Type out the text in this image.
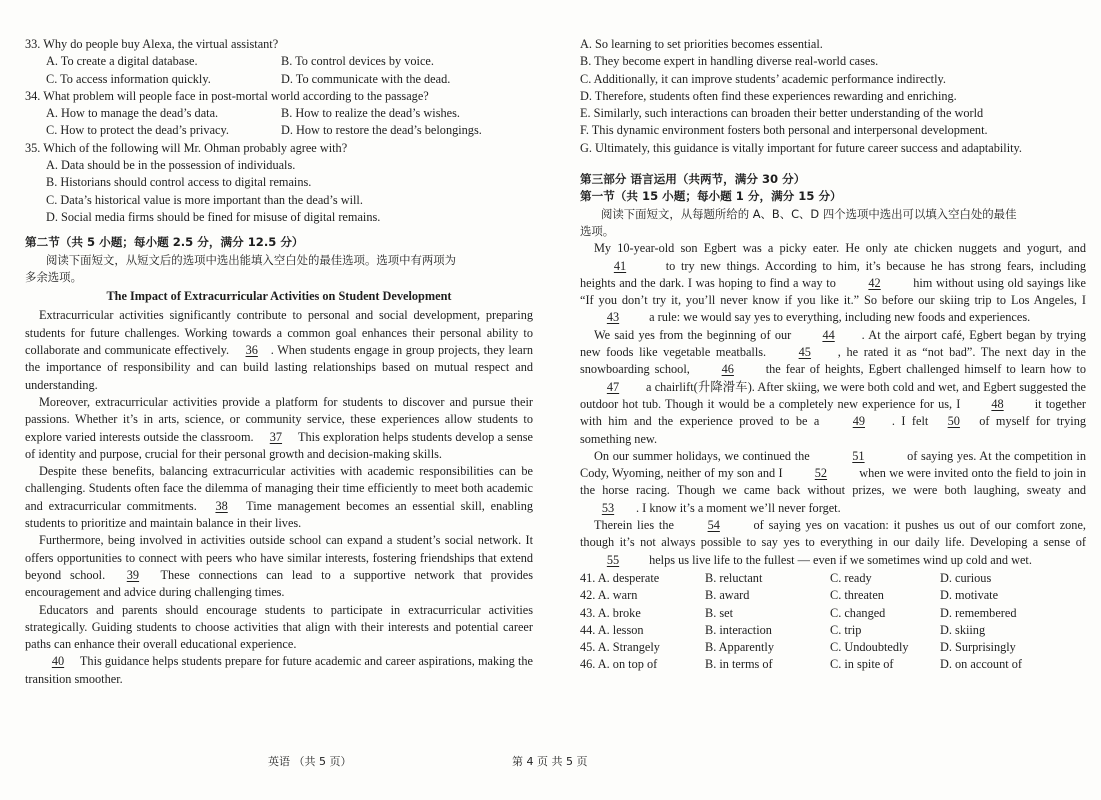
33. Why do people buy Alexa, the virtual assistant?
A. To create a digital database.	B. To control devices by voice.
C. To access information quickly.	D. To communicate with the dead.
34. What problem will people face in post-mortal world according to the passage?
A. How to manage the dead’s data.	B. How to realize the dead’s wishes.
C. How to protect the dead’s privacy.	D. How to restore the dead’s belongings.
35. Which of the following will Mr. Ohman probably agree with?
A. Data should be in the possession of individuals.
B. Historians should control access to digital remains.
C. Data’s historical value is more important than the dead’s will.
D. Social media firms should be fined for misuse of digital remains.
第二节（共 5 小题；每小题 2.5 分，满分 12.5 分）
阅读下面短文，从短文后的选项中选出能填入空白处的最佳选项。选项中有两项为
多余选项。
The Impact of Extracurricular Activities on Student Development
Extracurricular activities significantly contribute to personal and social development, preparing students for future challenges. Working towards a common goal enhances their personal ability to collaborate and communicate effectively. 36 . When students engage in group projects, they learn the importance of responsibility and can build lasting relationships based on mutual respect and understanding.
Moreover, extracurricular activities provide a platform for students to discover and pursue their passions. Whether it’s in arts, science, or community service, these experiences allow students to explore varied interests outside the classroom. 37 This exploration helps students develop a sense of identity and purpose, crucial for their personal growth and decision-making skills.
Despite these benefits, balancing extracurricular activities with academic responsibilities can be challenging. Students often face the dilemma of managing their time efficiently to meet both academic and extracurricular commitments. 38 Time management becomes an essential skill, enabling students to prioritize and maintain balance in their lives.
Furthermore, being involved in activities outside school can expand a student’s social network. It offers opportunities to connect with peers who have similar interests, fostering friendships that extend beyond school. 39 These connections can lead to a supportive network that provides encouragement and advice during challenging times.
Educators and parents should encourage students to participate in extracurricular activities strategically. Guiding students to choose activities that align with their interests and potential career paths can enhance their overall educational experience.
40 This guidance helps students prepare for future academic and career aspirations, making the transition smoother.
A. So learning to set priorities becomes essential.
B. They become expert in handling diverse real-world cases.
C. Additionally, it can improve students’ academic performance indirectly.
D. Therefore, students often find these experiences rewarding and enriching.
E. Similarly, such interactions can broaden their better understanding of the world
F. This dynamic environment fosters both personal and interpersonal development.
G. Ultimately, this guidance is vitally important for future career success and adaptability.
第三部分 语言运用（共两节，满分 30 分）
第一节（共 15 小题；每小题 1 分，满分 15 分）
阅读下面短文，从每题所给的 A、B、C、D 四个选项中选出可以填入空白处的最佳
选项。
My 10-year-old son Egbert was a picky eater. He only ate chicken nuggets and yogurt, and 41	to try new things. According to him, it’s because he has strong fears, including heights and the dark. I was hoping to find a way to	42	him without using old sayings like “If you don’t try it, you’ll never know if you like it.” So before our skiing trip to Los Angeles, I 43 a rule: we would say yes to everything, including new foods and experiences.
We said yes from the beginning of our	44 . At the airport café, Egbert began by trying new foods like vegetable meatballs.	45 , he rated it as “not bad”. The next day in the snowboarding school,	46	the fear of heights, Egbert challenged himself to learn how to 47 a chairlift(升降滑车). After skiing, we were both cold and wet, and Egbert suggested the outdoor hot tub. Though it would be a completely new experience for us, I	48	it together with him and the experience proved to be a	49 . I felt 50 of myself for trying something new.
On our summer holidays, we continued the	51	of saying yes. At the competition in Cody, Wyoming, neither of my son and I	52	when we were invited onto the field to join in the horse racing. Though we came back without prizes, we were both laughing, sweaty and 53 . I know it’s a moment we’ll never forget.
Therein lies the	54	of saying yes on vacation: it pushes us out of our comfort zone, though it’s not always possible to say yes to everything in our daily life. Developing a sense of 55 helps us live life to the fullest — even if we sometimes wind up cold and wet.
41. A. desperate	B. reluctant	C. ready	D. curious
42. A. warn	B. award	C. threaten	D. motivate
43. A. broke	B. set	C. changed	D. remembered
44. A. lesson	B. interaction	C. trip	D. skiing
45. A. Strangely	B. Apparently	C. Undoubtedly	D. Surprisingly
46. A. on top of	B. in terms of	C. in spite of	D. on account of
英语 （共 5 页）	第 4 页 共 5 页
